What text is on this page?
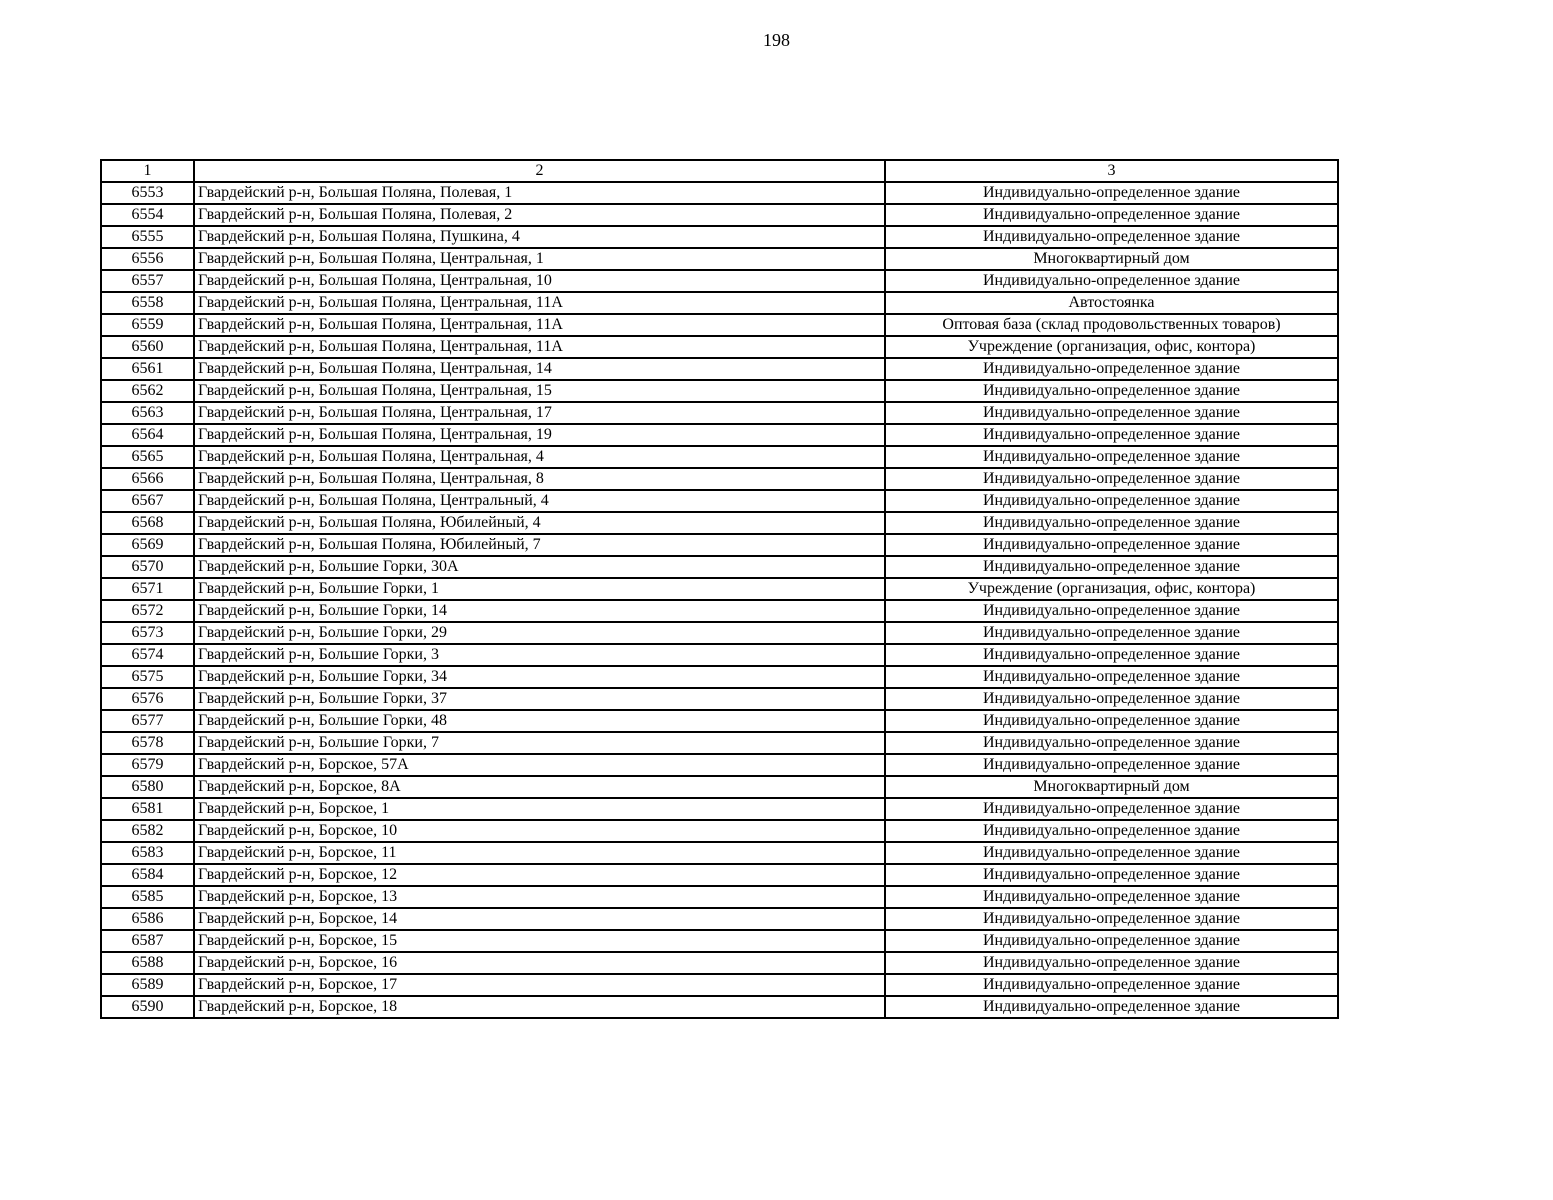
198
1	2	3
6553	Гвардейский р-н, Большая Поляна, Полевая, 1	Индивидуально-определенное здание
6554	Гвардейский р-н, Большая Поляна, Полевая, 2	Индивидуально-определенное здание
6555	Гвардейский р-н, Большая Поляна, Пушкина, 4	Индивидуально-определенное здание
6556	Гвардейский р-н, Большая Поляна, Центральная, 1	Многоквартирный дом
6557	Гвардейский р-н, Большая Поляна, Центральная, 10	Индивидуально-определенное здание
6558	Гвардейский р-н, Большая Поляна, Центральная, 11А	Автостоянка
6559	Гвардейский р-н, Большая Поляна, Центральная, 11А	Оптовая база (склад продовольственных товаров)
6560	Гвардейский р-н, Большая Поляна, Центральная, 11А	Учреждение (организация, офис, контора)
6561	Гвардейский р-н, Большая Поляна, Центральная, 14	Индивидуально-определенное здание
6562	Гвардейский р-н, Большая Поляна, Центральная, 15	Индивидуально-определенное здание
6563	Гвардейский р-н, Большая Поляна, Центральная, 17	Индивидуально-определенное здание
6564	Гвардейский р-н, Большая Поляна, Центральная, 19	Индивидуально-определенное здание
6565	Гвардейский р-н, Большая Поляна, Центральная, 4	Индивидуально-определенное здание
6566	Гвардейский р-н, Большая Поляна, Центральная, 8	Индивидуально-определенное здание
6567	Гвардейский р-н, Большая Поляна, Центральный, 4	Индивидуально-определенное здание
6568	Гвардейский р-н, Большая Поляна, Юбилейный, 4	Индивидуально-определенное здание
6569	Гвардейский р-н, Большая Поляна, Юбилейный, 7	Индивидуально-определенное здание
6570	Гвардейский р-н, Большие Горки, 30А	Индивидуально-определенное здание
6571	Гвардейский р-н, Большие Горки, 1	Учреждение (организация, офис, контора)
6572	Гвардейский р-н, Большие Горки, 14	Индивидуально-определенное здание
6573	Гвардейский р-н, Большие Горки, 29	Индивидуально-определенное здание
6574	Гвардейский р-н, Большие Горки, 3	Индивидуально-определенное здание
6575	Гвардейский р-н, Большие Горки, 34	Индивидуально-определенное здание
6576	Гвардейский р-н, Большие Горки, 37	Индивидуально-определенное здание
6577	Гвардейский р-н, Большие Горки, 48	Индивидуально-определенное здание
6578	Гвардейский р-н, Большие Горки, 7	Индивидуально-определенное здание
6579	Гвардейский р-н, Борское, 57А	Индивидуально-определенное здание
6580	Гвардейский р-н, Борское, 8А	Многоквартирный дом
6581	Гвардейский р-н, Борское, 1	Индивидуально-определенное здание
6582	Гвардейский р-н, Борское, 10	Индивидуально-определенное здание
6583	Гвардейский р-н, Борское, 11	Индивидуально-определенное здание
6584	Гвардейский р-н, Борское, 12	Индивидуально-определенное здание
6585	Гвардейский р-н, Борское, 13	Индивидуально-определенное здание
6586	Гвардейский р-н, Борское, 14	Индивидуально-определенное здание
6587	Гвардейский р-н, Борское, 15	Индивидуально-определенное здание
6588	Гвардейский р-н, Борское, 16	Индивидуально-определенное здание
6589	Гвардейский р-н, Борское, 17	Индивидуально-определенное здание
6590	Гвардейский р-н, Борское, 18	Индивидуально-определенное здание
